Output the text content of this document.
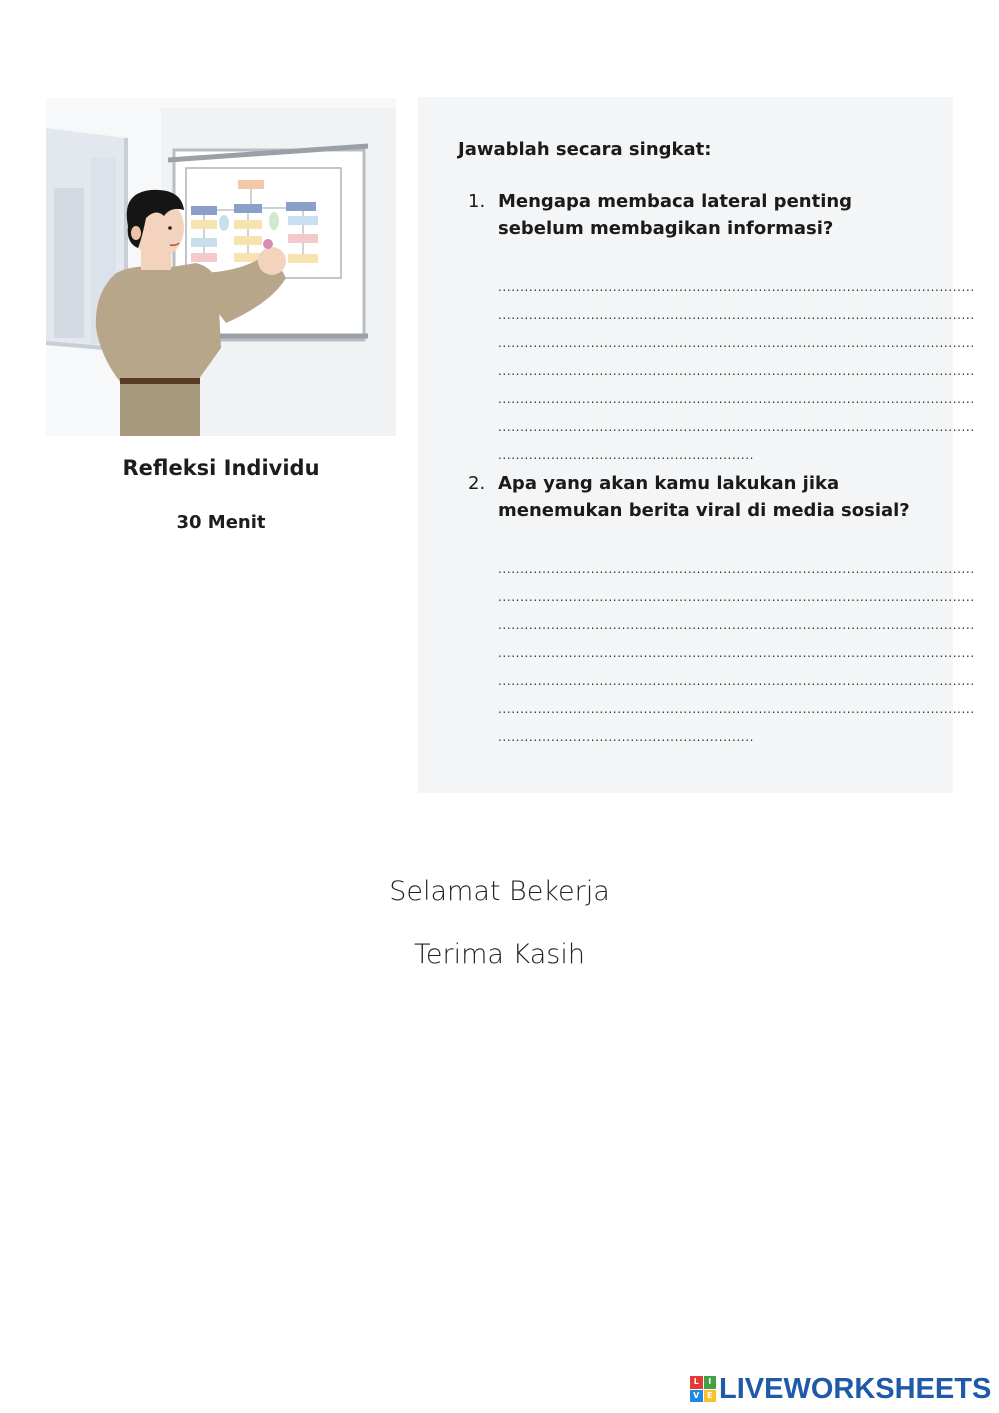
Refleksi Individu
30 Menit
Jawablah secara singkat:
1. Mengapa membaca lateral penting sebelum membagikan informasi?
............................................................................................................
............................................................................................................
............................................................................................................
............................................................................................................
............................................................................................................
............................................................................................................
..........................................................
2. Apa yang akan kamu lakukan jika menemukan berita viral di media sosial?
............................................................................................................
............................................................................................................
............................................................................................................
............................................................................................................
............................................................................................................
............................................................................................................
..........................................................
Selamat Bekerja
Terima Kasih
L	I
V E LIVEWORKSHEETS
